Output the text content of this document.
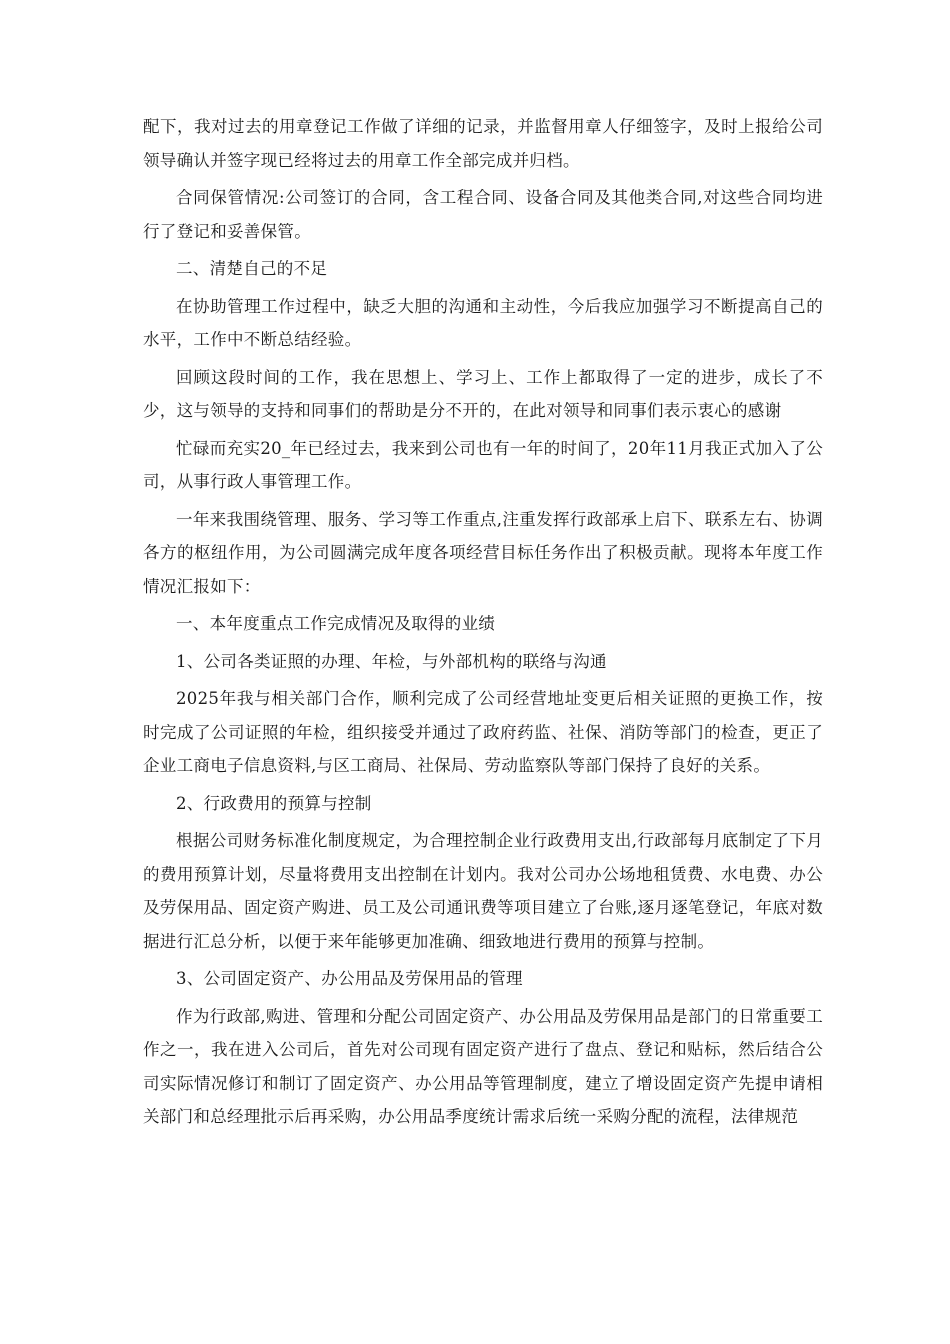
配下，我对过去的用章登记工作做了详细的记录，并监督用章人仔细签字，及时上报给公司领导确认并签字现已经将过去的用章工作全部完成并归档。

合同保管情况:公司签订的合同，含工程合同、设备合同及其他类合同,对这些合同均进行了登记和妥善保管。

二、清楚自己的不足

在协助管理工作过程中，缺乏大胆的沟通和主动性，今后我应加强学习不断提高自己的水平，工作中不断总结经验。

回顾这段时间的工作，我在思想上、学习上、工作上都取得了一定的进步，成长了不少，这与领导的支持和同事们的帮助是分不开的，在此对领导和同事们表示衷心的感谢

忙碌而充实20_年已经过去，我来到公司也有一年的时间了，20年11月我正式加入了公司，从事行政人事管理工作。

一年来我围绕管理、服务、学习等工作重点,注重发挥行政部承上启下、联系左右、协调各方的枢纽作用，为公司圆满完成年度各项经营目标任务作出了积极贡献。现将本年度工作情况汇报如下：

一、本年度重点工作完成情况及取得的业绩

1、公司各类证照的办理、年检，与外部机构的联络与沟通

2025年我与相关部门合作，顺利完成了公司经营地址变更后相关证照的更换工作，按时完成了公司证照的年检，组织接受并通过了政府药监、社保、消防等部门的检查，更正了企业工商电子信息资料,与区工商局、社保局、劳动监察队等部门保持了良好的关系。

2、行政费用的预算与控制

根据公司财务标准化制度规定，为合理控制企业行政费用支出,行政部每月底制定了下月的费用预算计划，尽量将费用支出控制在计划内。我对公司办公场地租赁费、水电费、办公及劳保用品、固定资产购进、员工及公司通讯费等项目建立了台账,逐月逐笔登记，年底对数据进行汇总分析，以便于来年能够更加准确、细致地进行费用的预算与控制。

3、公司固定资产、办公用品及劳保用品的管理

作为行政部,购进、管理和分配公司固定资产、办公用品及劳保用品是部门的日常重要工作之一，我在进入公司后，首先对公司现有固定资产进行了盘点、登记和贴标，然后结合公司实际情况修订和制订了固定资产、办公用品等管理制度，建立了增设固定资产先提申请相关部门和总经理批示后再采购，办公用品季度统计需求后统一采购分配的流程，法律规范
